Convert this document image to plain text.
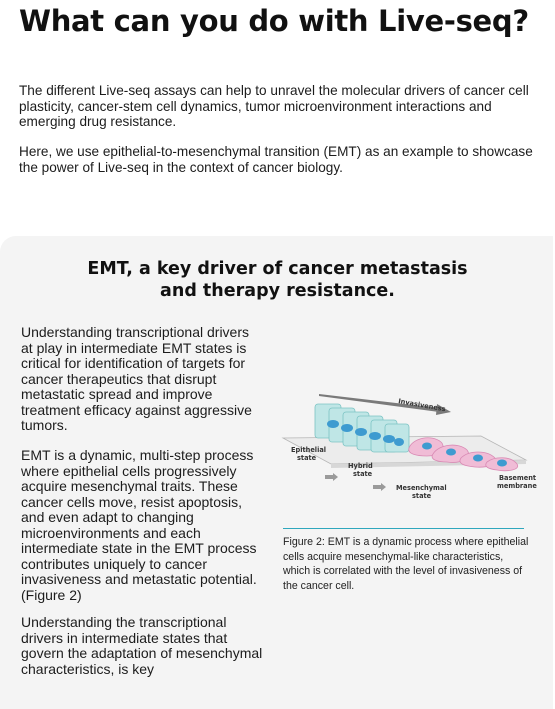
What can you do with Live-seq?

The different Live-seq assays can help to unravel the molecular drivers of cancer cell plasticity, cancer-stem cell dynamics, tumor microenvironment interactions and emerging drug resistance.

Here, we use epithelial-to-mesenchymal transition (EMT) as an example to showcase the power of Live-seq in the context of cancer biology.

EMT, a key driver of cancer metastasis
and therapy resistance.

Understanding transcriptional drivers at play in intermediate EMT states is critical for identification of targets for cancer therapeutics that disrupt metastatic spread and improve treatment efficacy against aggressive tumors.

EMT is a dynamic, multi-step process where epithelial cells progressively acquire mesenchymal traits. These cancer cells move, resist apoptosis, and even adapt to changing microenvironments and each intermediate state in the EMT process contributes uniquely to cancer invasiveness and metastatic potential. (Figure 2)

Understanding the transcriptional drivers in intermediate states that govern the adaptation of mesenchymal characteristics, is key

Invasiveness
Epithelial
state
Hybrid
state
Mesenchymal
state
Basement
membrane

Figure 2: EMT is a dynamic process where epithelial cells acquire mesenchymal-like characteristics, which is correlated with the level of invasiveness of the cancer cell.
